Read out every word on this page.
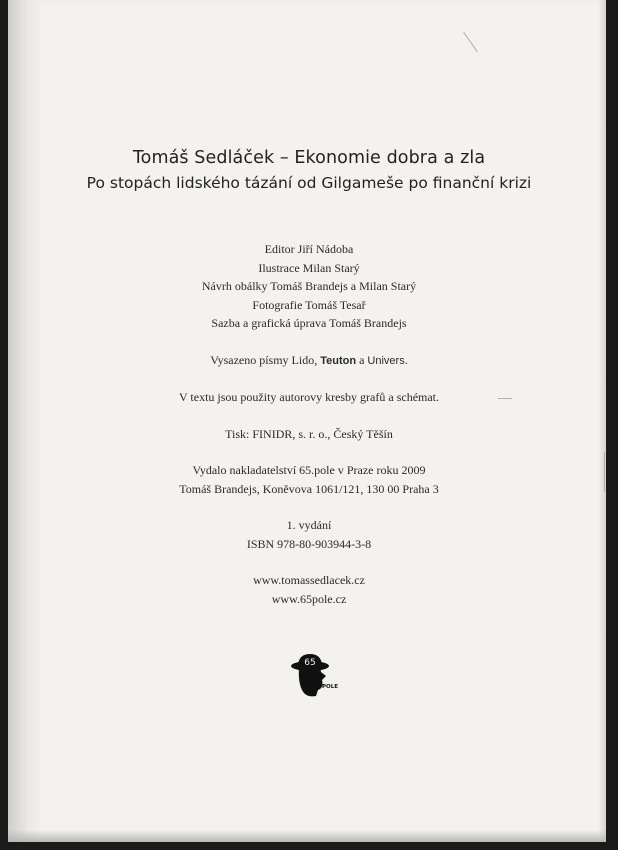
Tomáš Sedláček – Ekonomie dobra a zla
Po stopách lidského tázání od Gilgameše po finanční krizi

Editor Jiří Nádoba

Ilustrace Milan Starý

Návrh obálky Tomáš Brandejs a Milan Starý

Fotografie Tomáš Tesař

Sazba a grafická úprava Tomáš Brandejs

Vysazeno písmy Lido, Teuton a Univers.

V textu jsou použity autorovy kresby grafů a schémat.

Tisk: FINIDR, s. r. o., Český Těšín

Vydalo nakladatelství 65.pole v Praze roku 2009

Tomáš Brandejs, Koněvova 1061/121, 130 00 Praha 3

1. vydání

ISBN 978-80-903944-3-8

www.tomassedlacek.cz

www.65pole.cz

65
POLE
